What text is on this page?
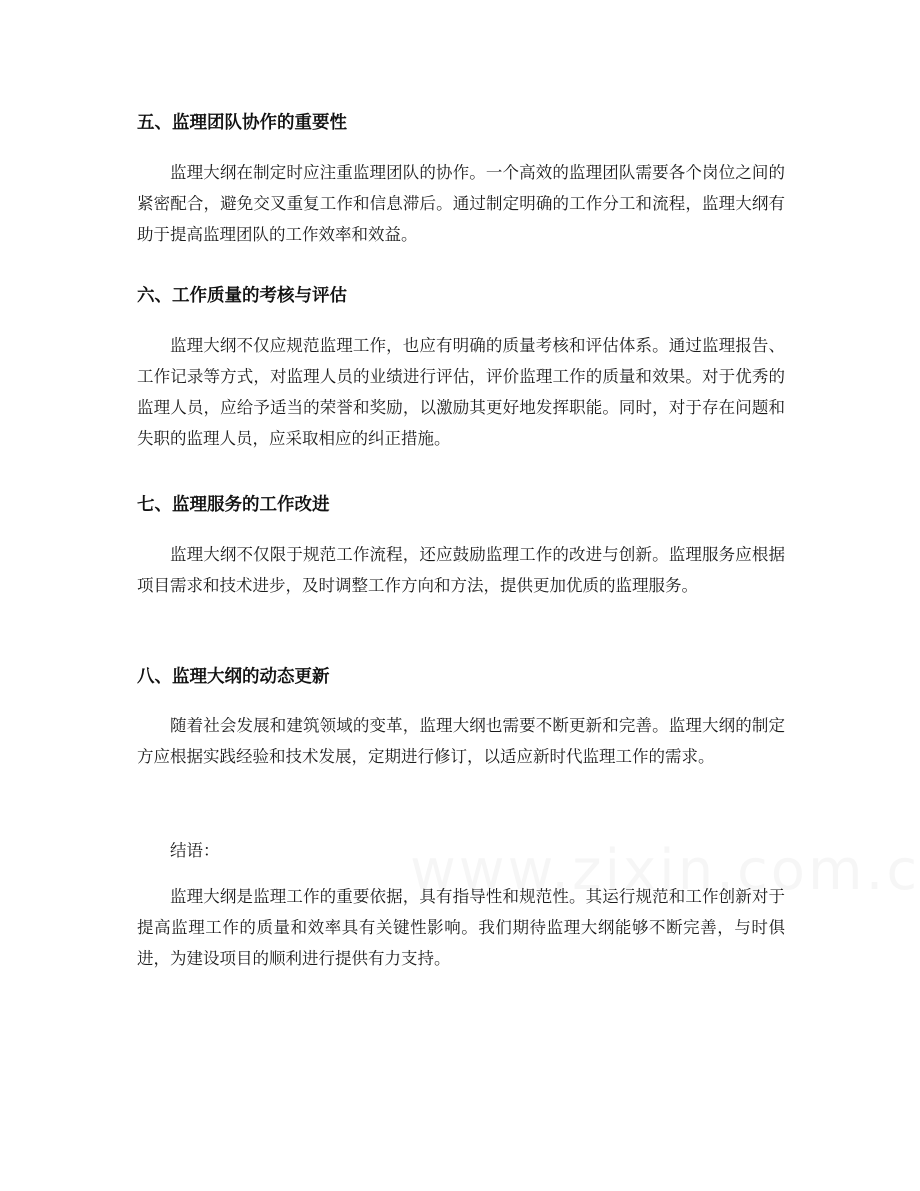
五、监理团队协作的重要性
监理大纲在制定时应注重监理团队的协作。一个高效的监理团队需要各个岗位之间的紧密配合，避免交叉重复工作和信息滞后。通过制定明确的工作分工和流程，监理大纲有助于提高监理团队的工作效率和效益。
六、工作质量的考核与评估
监理大纲不仅应规范监理工作，也应有明确的质量考核和评估体系。通过监理报告、工作记录等方式，对监理人员的业绩进行评估，评价监理工作的质量和效果。对于优秀的监理人员，应给予适当的荣誉和奖励，以激励其更好地发挥职能。同时，对于存在问题和失职的监理人员，应采取相应的纠正措施。
七、监理服务的工作改进
监理大纲不仅限于规范工作流程，还应鼓励监理工作的改进与创新。监理服务应根据项目需求和技术进步，及时调整工作方向和方法，提供更加优质的监理服务。
八、监理大纲的动态更新
随着社会发展和建筑领域的变革，监理大纲也需要不断更新和完善。监理大纲的制定方应根据实践经验和技术发展，定期进行修订，以适应新时代监理工作的需求。
结语：
监理大纲是监理工作的重要依据，具有指导性和规范性。其运行规范和工作创新对于提高监理工作的质量和效率具有关键性影响。我们期待监理大纲能够不断完善，与时俱进，为建设项目的顺利进行提供有力支持。
